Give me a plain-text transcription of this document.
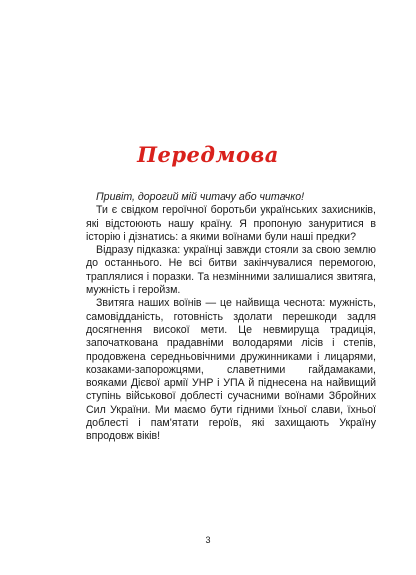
Передмова

Привіт, дорогий мій читачу або читачко!

Ти є свідком героїчної боротьби українських захисників, які відстоюють нашу країну. Я пропоную зануритися в історію і дізнатись: а якими воїнами були наші предки?

Відразу підказка: українці завжди стояли за свою землю до останнього. Не всі битви закінчувалися перемогою, траплялися і поразки. Та незмінними залишалися звитяга, мужність і геройзм.

Звитяга наших воїнів — це найвища чеснота: мужність, самовідданість, готовність здолати перешкоди задля досягнення високої мети. Це невмируща традиція, започаткована прадавніми володарями лісів і степів, продовжена середньовічними дружинниками і лицарями, козаками-запорожцями, славетними гайдамаками, вояками Дієвої армії УНР і УПА й піднесена на найвищий ступінь військової доблесті сучасними воїнами Збройних Сил України. Ми маємо бути гідними їхньої слави, їхньої доблесті і пам'ятати героїв, які захищають Україну впродовж віків!

3
